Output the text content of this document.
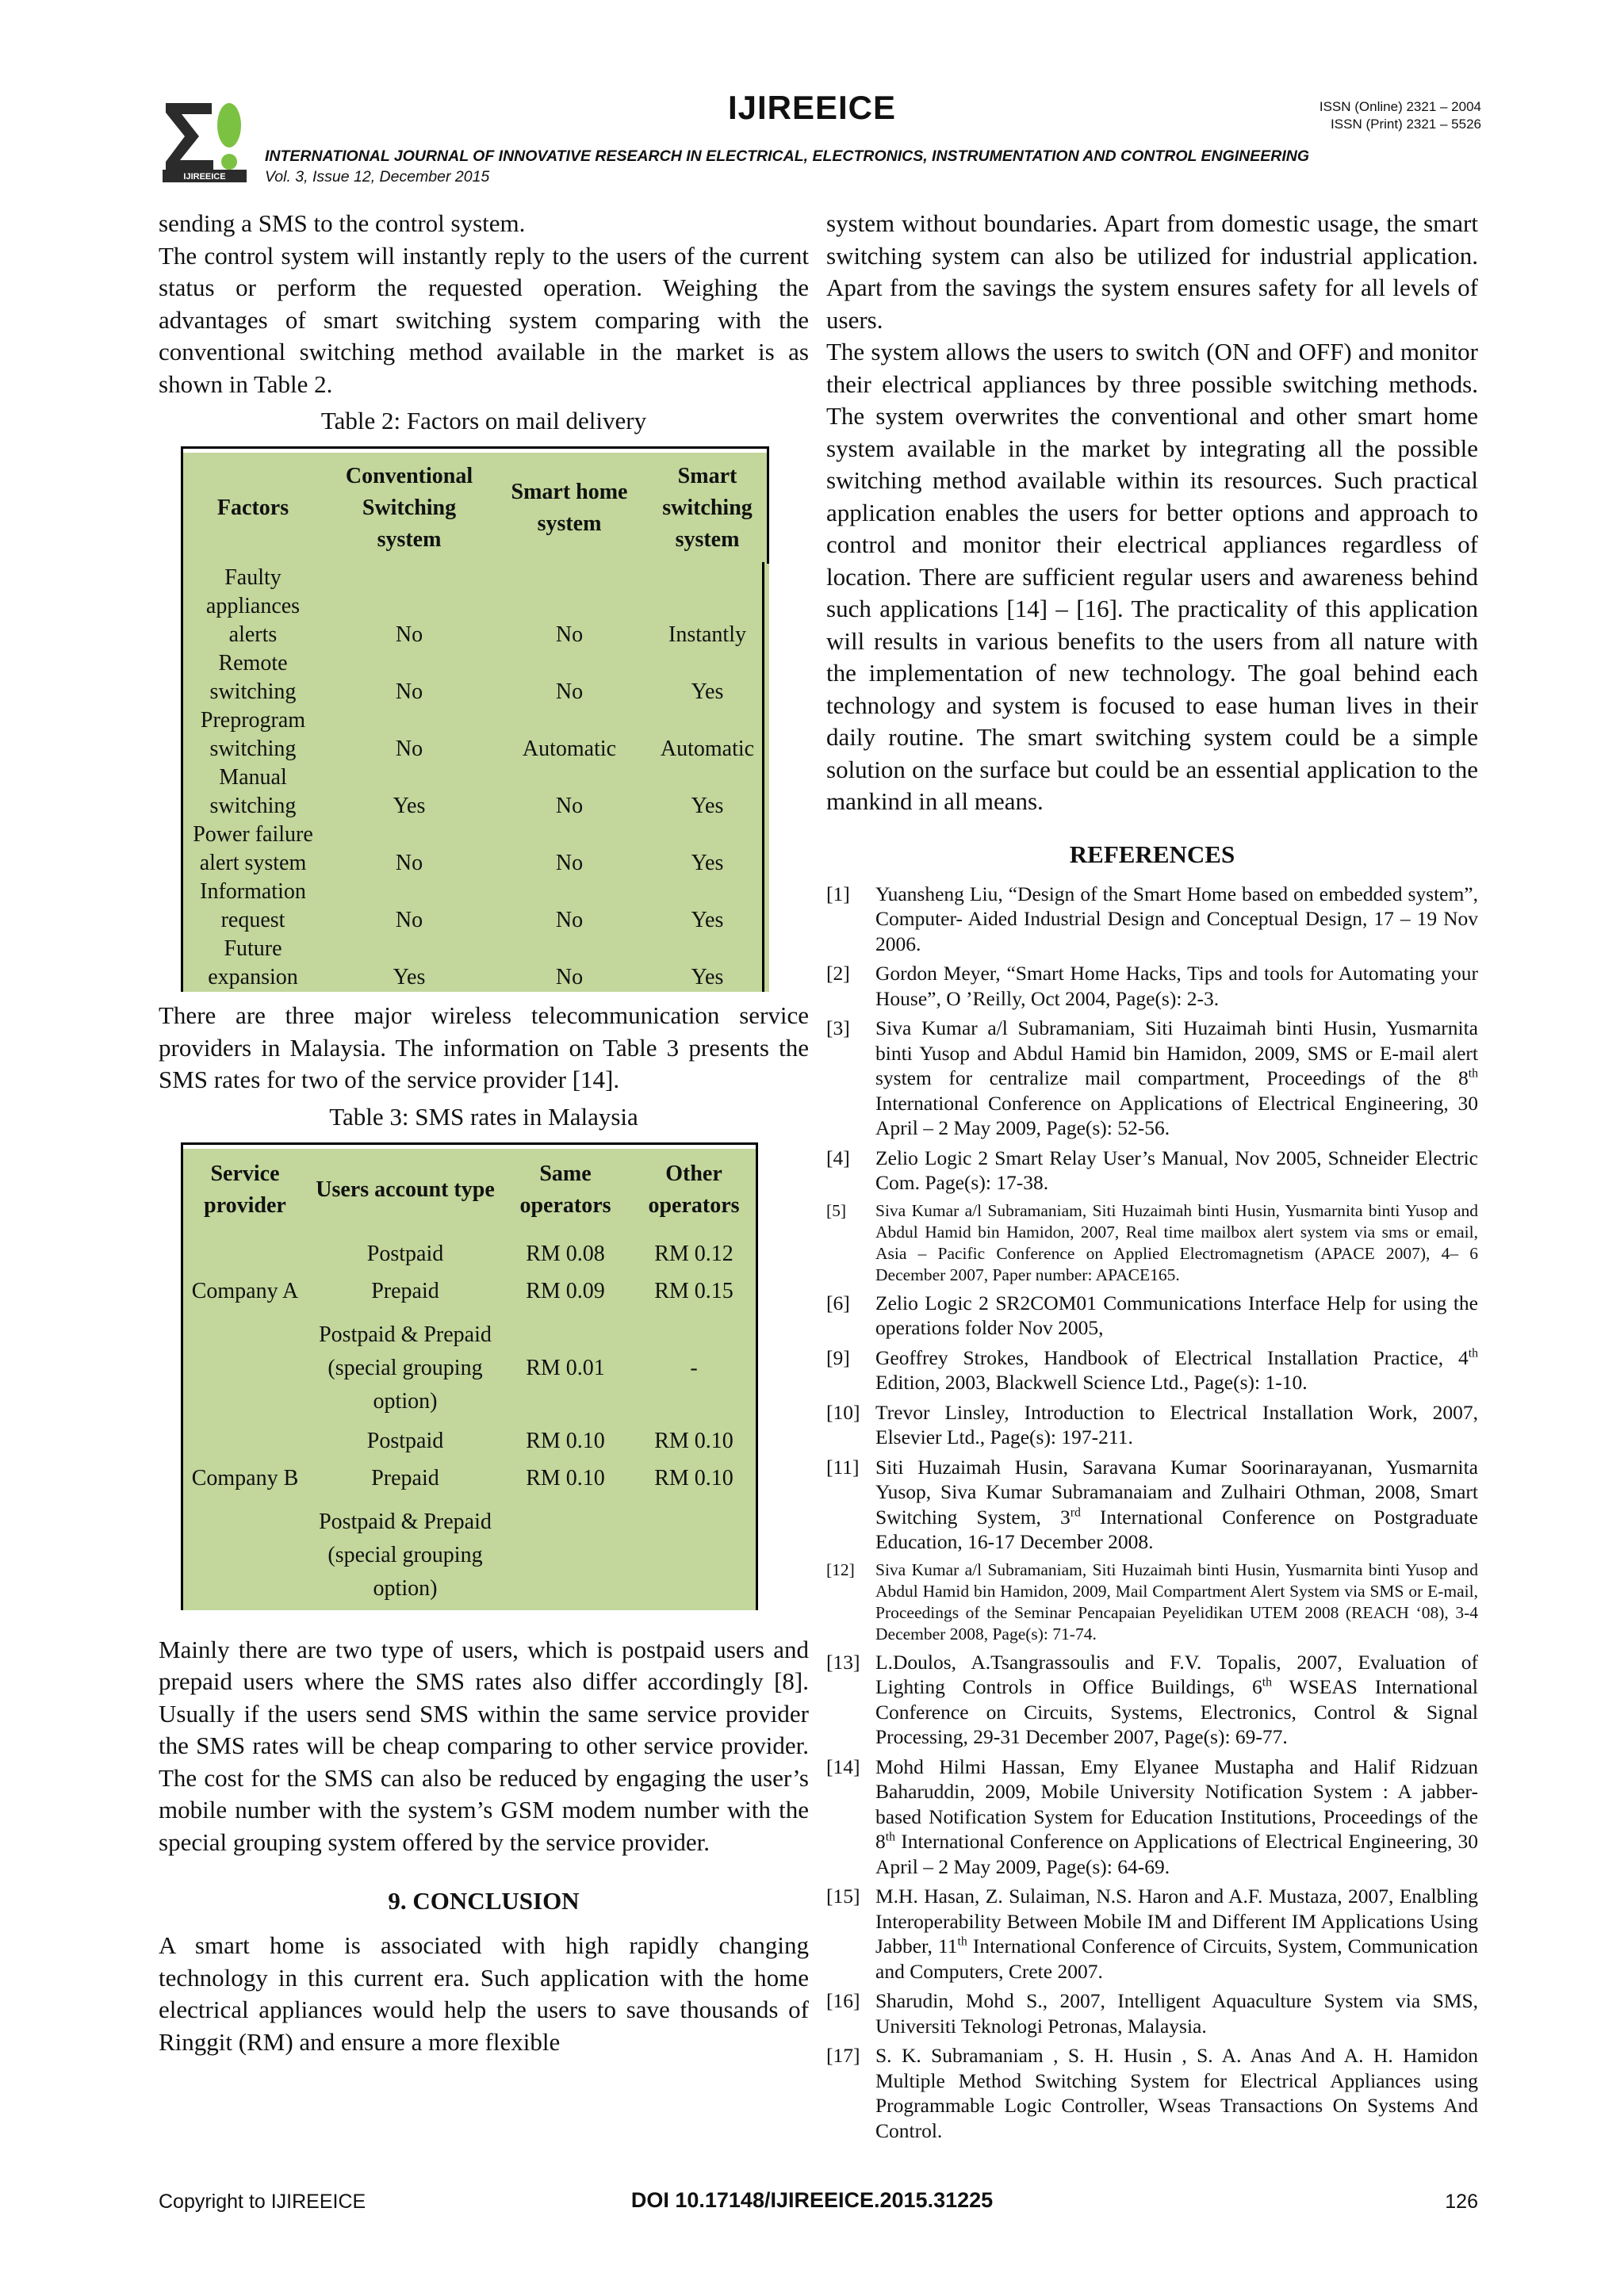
IJIREEICE
IJIREEICE	ISSN (Online) 2321 – 2004
ISSN (Print) 2321 – 5526
INTERNATIONAL JOURNAL OF INNOVATIVE RESEARCH IN ELECTRICAL, ELECTRONICS, INSTRUMENTATION AND CONTROL ENGINEERING
Vol. 3, Issue 12, December 2015

sending a SMS to the control system.

The control system will instantly reply to the users of the current status or perform the requested operation. Weighing the advantages of smart switching system comparing with the conventional switching method available in the market is as shown in Table 2.

Table 2: Factors on mail delivery
Factors	Conventional Switching system	Smart home system	Smart switching system
Faulty appliances alerts	No	No	Instantly
Remote switching	No	No	Yes
Preprogram switching	No	Automatic	Automatic
Manual switching	Yes	No	Yes
Power failure alert system	No	No	Yes
Information request	No	No	Yes
Future expansion	Yes	No	Yes

There are three major wireless telecommunication service providers in Malaysia. The information on Table 3 presents the SMS rates for two of the service provider [14].

Table 3: SMS rates in Malaysia
Service provider	Users account type	Same operators	Other operators
	Postpaid	RM 0.08	RM 0.12
Company A	Prepaid	RM 0.09	RM 0.15
	Postpaid & Prepaid (special grouping option)	RM 0.01	-
	Postpaid	RM 0.10	RM 0.10
Company B	Prepaid	RM 0.10	RM 0.10
	Postpaid & Prepaid (special grouping option)		

Mainly there are two type of users, which is postpaid users and prepaid users where the SMS rates also differ accordingly [8]. Usually if the users send SMS within the same service provider the SMS rates will be cheap comparing to other service provider. The cost for the SMS can also be reduced by engaging the user’s mobile number with the system’s GSM modem number with the special grouping system offered by the service provider.

9. CONCLUSION

A smart home is associated with high rapidly changing technology in this current era. Such application with the home electrical appliances would help the users to save thousands of Ringgit (RM) and ensure a more flexible

system without boundaries. Apart from domestic usage, the smart switching system can also be utilized for industrial application. Apart from the savings the system ensures safety for all levels of users.

The system allows the users to switch (ON and OFF) and monitor their electrical appliances by three possible switching methods. The system overwrites the conventional and other smart home system available in the market by integrating all the possible switching method available within its resources. Such practical application enables the users for better options and approach to control and monitor their electrical appliances regardless of location. There are sufficient regular users and awareness behind such applications [14] – [16]. The practicality of this application will results in various benefits to the users from all nature with the implementation of new technology. The goal behind each technology and system is focused to ease human lives in their daily routine. The smart switching system could be a simple solution on the surface but could be an essential application to the mankind in all means.

REFERENCES
[1]	Yuansheng Liu, “Design of the Smart Home based on embedded system”, Computer- Aided Industrial Design and Conceptual Design, 17 – 19 Nov 2006.
[2]	Gordon Meyer, “Smart Home Hacks, Tips and tools for Automating your House”, O ’Reilly, Oct 2004, Page(s): 2-3.
[3]	Siva Kumar a/l Subramaniam, Siti Huzaimah binti Husin, Yusmarnita binti Yusop and Abdul Hamid bin Hamidon, 2009, SMS or E-mail alert system for centralize mail compartment, Proceedings of the 8th International Conference on Applications of Electrical Engineering, 30 April – 2 May 2009, Page(s): 52-56.
[4]	Zelio Logic 2 Smart Relay User’s Manual, Nov 2005, Schneider Electric Com. Page(s): 17-38.
[5]	Siva Kumar a/l Subramaniam, Siti Huzaimah binti Husin, Yusmarnita binti Yusop and Abdul Hamid bin Hamidon, 2007, Real time mailbox alert system via sms or email, Asia – Pacific Conference on Applied Electromagnetism (APACE 2007), 4– 6 December 2007, Paper number: APACE165.
[6]	Zelio Logic 2 SR2COM01 Communications Interface Help for using the operations folder Nov 2005,
[9]	Geoffrey Strokes, Handbook of Electrical Installation Practice, 4th Edition, 2003, Blackwell Science Ltd., Page(s): 1-10.
[10] Trevor Linsley, Introduction to Electrical Installation Work, 2007, Elsevier Ltd., Page(s): 197-211.
[11] Siti Huzaimah Husin, Saravana Kumar Soorinarayanan, Yusmarnita Yusop, Siva Kumar Subramanaiam and Zulhairi Othman, 2008, Smart Switching System, 3rd International Conference on Postgraduate Education, 16-17 December 2008.
[12]	Siva Kumar a/l Subramaniam, Siti Huzaimah binti Husin, Yusmarnita binti Yusop and Abdul Hamid bin Hamidon, 2009, Mail Compartment Alert System via SMS or E-mail, Proceedings of the Seminar Pencapaian Peyelidikan UTEM 2008 (REACH ‘08), 3-4 December 2008, Page(s): 71-74.
[13] L.Doulos, A.Tsangrassoulis and F.V. Topalis, 2007, Evaluation of Lighting Controls in Office Buildings, 6th WSEAS International Conference on Circuits, Systems, Electronics, Control & Signal Processing, 29-31 December 2007, Page(s): 69-77.
[14] Mohd Hilmi Hassan, Emy Elyanee Mustapha and Halif Ridzuan Baharuddin, 2009, Mobile University Notification System : A jabber- based Notification System for Education Institutions, Proceedings of the 8th International Conference on Applications of Electrical Engineering, 30 April – 2 May 2009, Page(s): 64-69.
[15] M.H. Hasan, Z. Sulaiman, N.S. Haron and A.F. Mustaza, 2007, Enalbling Interoperability Between Mobile IM and Different IM Applications Using Jabber, 11th International Conference of Circuits, System, Communication and Computers, Crete 2007.
[16] Sharudin, Mohd S., 2007, Intelligent Aquaculture System via SMS, Universiti Teknologi Petronas, Malaysia.
[17] S. K. Subramaniam , S. H. Husin , S. A. Anas And A. H. Hamidon Multiple Method Switching System for Electrical Appliances using Programmable Logic Controller, Wseas Transactions On Systems And Control.
Copyright to IJIREEICE	DOI 10.17148/IJIREEICE.2015.31225	126
